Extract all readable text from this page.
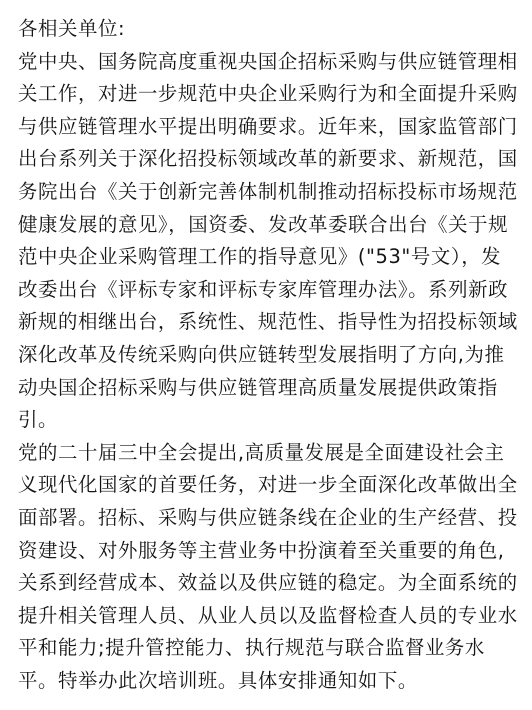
各相关单位:
党中央、国务院高度重视央国企招标采购与供应链管理相
关工作，对进一步规范中央企业采购行为和全面提升采购
与供应链管理水平提出明确要求。近年来，国家监管部门
出台系列关于深化招投标领域改革的新要求、新规范，国
务院出台《关于创新完善体制机制推动招标投标市场规范
健康发展的意见》，国资委、发改革委联合出台《关于规
范中央企业采购管理工作的指导意见》("53"号文），发
改委出台《评标专家和评标专家库管理办法》。系列新政
新规的相继出台，系统性、规范性、指导性为招投标领域
深化改革及传统采购向供应链转型发展指明了方向,为推
动央国企招标采购与供应链管理高质量发展提供政策指
引。
党的二十届三中全会提出,高质量发展是全面建设社会主
义现代化国家的首要任务，对进一步全面深化改革做出全
面部署。招标、采购与供应链条线在企业的生产经营、投
资建设、对外服务等主营业务中扮演着至关重要的角色,
关系到经营成本、效益以及供应链的稳定。为全面系统的
提升相关管理人员、从业人员以及监督检查人员的专业水
平和能力;提升管控能力、执行规范与联合监督业务水
平。特举办此次培训班。具体安排通知如下。
